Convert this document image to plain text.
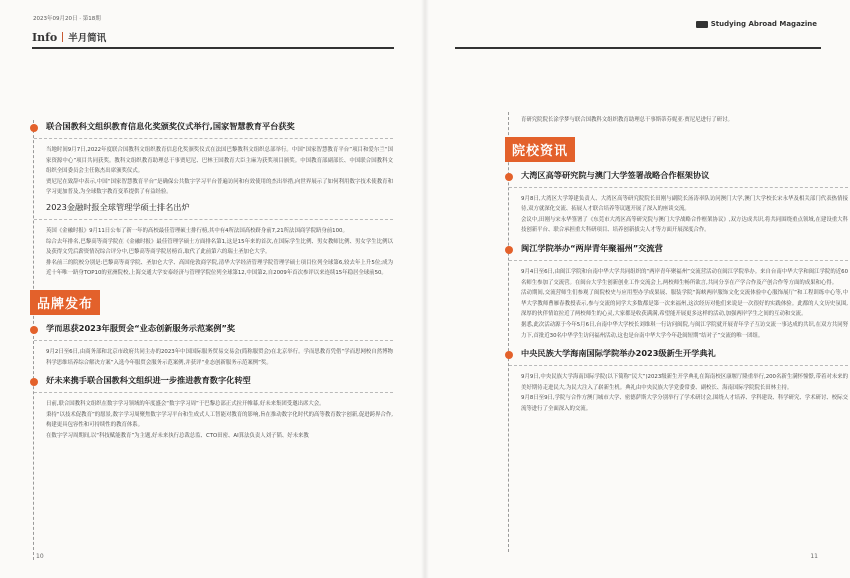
2023年09月20日 · 第18期
Info 半月简讯
联合国教科文组织教育信息化奖颁奖仪式举行,国家智慧教育平台获奖
当地时间9月7日,2022年度联合国教科文组织教育信息化奖颁奖仪式在法国巴黎教科文组织总部举行。中国“国家智慧教育平台”项目和爱尔兰“国家资源中心”项目共同获奖。教科文组织教育助理总干事贾尼尼、巴林王国教育大臣主麻为获奖项目颁奖。中国教育部副部长、中国联合国教科文组织全国委员会主任陈杰出席颁奖仪式。
贾尼尼在致辞中表示,中国“国家智慧教育平台”是确保公共数字学习平台普遍访问和有效使用的杰出举措,向世界展示了如何利用数字技术使教育和学习更加普及,为全球数字教育变革提供了有益经验。
2023金融时报全球管理学硕士排名出炉
英国《金融时报》9月11日公布了新一年的高校最佳管理硕士排行榜,其中有4所法国高校跻身前7,21所法国商学院跻身前100。
综合去年排名,巴黎高等商学院在《金融时报》最佳管理学硕士方面排名第1,这是15年来的首次,在国际学生比例、男女教师比例、男女学生比例以及获得文凭后薪资情况综合评分中,巴黎高等商学院居榜首,取代了此前第六的瑞士圣加仑大学。
排名前三的院校分别是:巴黎高等商学院、圣加仑大学、高国伦敦商学院,清华大学经济管理学院管理学硕士项目位列全球第6,较去年上升5位;成为近十年唯一跻身TOP10的亚洲院校,上海交通大学安泰经济与管理学院位列全球第12,中国第2,自2009年首次参评以来连续15年稳居全球前50。
品牌发布
学而思获2023年服贸会“业态创新服务示范案例”奖
9月2日至6日,由商务部和北京市政府共同主办的2023年中国国际服务贸易交易会(简称服贸会)在北京举行。学而思教育凭借“学而思网校自然博物科学思维培养综合解决方案”入选今年服贸会服务示范案例,并获评“业态创新服务示范案例”奖。
好未来携手联合国教科文组织进一步推进教育数字化转型
日前,联合国教科文组织在数字学习领域的年度盛会“数字学习周”于巴黎总部正式拉开帷幕,好未来集团受邀出席大会。
秉持“以技术促教育”的愿景,数字学习周聚焦数字学习平台和生成式人工智能对教育的影响,旨在推动数字化时代的高等教育数字创新,促进跨界合作,构建更具包容性和可持续性的教育体系。
在数字学习周期间,以“科技赋能教育”为主题,好未来执行总裁总监、CTO田密、AI算法负责人刘子韬、好未来教
10
Studying Abroad Magazine
11
育研究院院长涂学梦与联合国教科文组织教育助理总干事斯蒂芬妮亚·贾尼尼进行了研讨。
院校资讯
大湾区高等研究院与澳门大学签署战略合作框架协议
9月8日,大湾区大学筹建负责人、大湾区高等研究院院长田刚与副院长汤涛率队访问澳门大学,澳门大学校长宋永华及相关部门代表热情接待,双方就深化交流、拓展人才联合培养等议题开展了深入的座谈交流。
会议中,田刚与宋永华签署了《东莞市大湾区高等研究院与澳门大学战略合作框架协议》,双方达成共识,将共同围绕重点领域,在建设重大科技创新平台、联合承担重大科研项目、培养创新拔尖人才等方面开展深度合作。
闽江学院举办“两岸青年聚福州”交流营
9月4日至6日,由闽江学院和台南中华大学共同组织的“两岸青年聚福州”交流营活动在闽江学院举办。来自台南中华大学和闽江学院的近60名师生参加了交流营。在闽台大学生创新创业工作交流会上,两校师生畅所欲言,共同分享在产学合作及产创合作等方面的成果和心得。
活动期间,交流营师生们参观了闽院校史与应用型办学成果展、服装学院“海峡两岸服饰文化交流体验中心服饰展厅”和工程训练中心等,中华大学教师曹雁春教授表示,参与交流的同学大多数都是第一次来福州,这次经历对他们来说是一次很好的实践体验。此都的人文历史氛围,深厚的伙伴情谊拉近了两校师生的心灵,大家都是收获满满,希望能开展更多这样的活动,加强两岸学生之间的互动和交流。
据悉,此次活动源于今年5月6日,台南中华大学校长刘维琪一行访问闽院,与闽江学院就开展青年学子互访交流一事达成的共识,在双方共同努力下,首批近30名中华学生访问福州活动,这也是台南中华大学今年赴闽短期“结对子”交流的唯一团组。
中央民族大学海南国际学院举办2023级新生开学典礼
9月9日,中央民族大学海南国际学院(以下简称“民大”)2023级新生开学典礼在海南校区康堰厅隆重举行,200名新生满怀憧憬,带着对未来的美好期待走进民大,为民大注入了崭新生机。典礼由中央民族大学党委常委、副校长、海南国际学院院长田林主持。
9月8日至9日,学院与合作方澳门城市大学、密德萨斯大学分别举行了学术研讨会,围绕人才培养、学科建设、科学研究、学术研讨、校际交流等进行了全面深入的交流。
